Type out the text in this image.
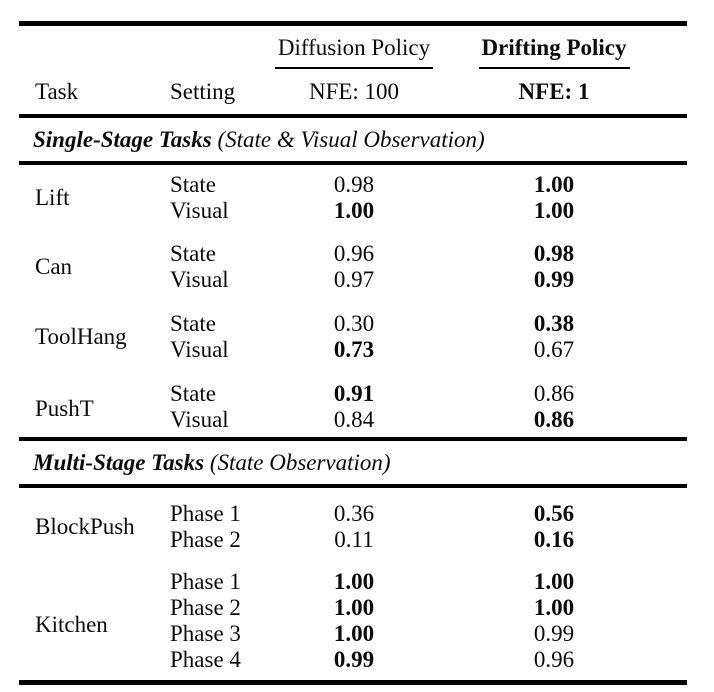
		Diffusion Policy	Drifting Policy
Task	Setting	NFE: 100	NFE: 1
Single-Stage Tasks (State & Visual Observation)			
Lift	State	0.98	1.00
	Visual	1.00	1.00
Can	State	0.96	0.98
	Visual	0.97	0.99
ToolHang	State	0.30	0.38
	Visual	0.73	0.67
PushT	State	0.91	0.86
	Visual	0.84	0.86
Multi-Stage Tasks (State Observation)			
BlockPush	Phase 1	0.36	0.56
	Phase 2	0.11	0.16
Kitchen	Phase 1	1.00	1.00
	Phase 2	1.00	1.00
	Phase 3	1.00	0.99
	Phase 4	0.99	0.96
